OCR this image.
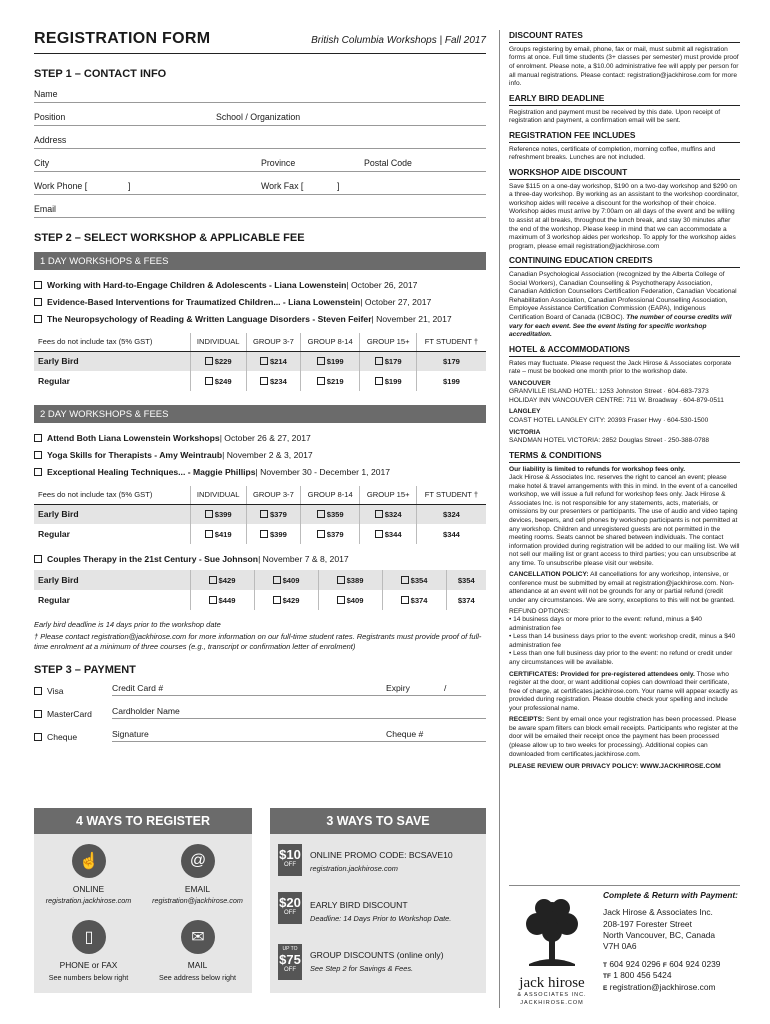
REGISTRATION FORM	British Columbia Workshops | Fall 2017
STEP 1 – CONTACT INFO
Name
Position	School / Organization
Address
City	Province	Postal Code
Work Phone [	]	Work Fax [	]
Email
STEP 2 – SELECT WORKSHOP & APPLICABLE FEE
1 DAY WORKSHOPS & FEES
Working with Hard-to-Engage Children & Adolescents - Liana Lowenstein | October 26, 2017
Evidence-Based Interventions for Traumatized Children... - Liana Lowenstein | October 27, 2017
The Neuropsychology of Reading & Written Language Disorders - Steven Feifer | November 21, 2017
Fees do not include tax (5% GST)	INDIVIDUAL	GROUP 3-7	GROUP 8-14	GROUP 15+	FT STUDENT †
Early Bird	$229	$214	$199	$179	$179
Regular	$249	$234	$219	$199	$199
2 DAY WORKSHOPS & FEES
Attend Both Liana Lowenstein Workshops | October 26 & 27, 2017
Yoga Skills for Therapists - Amy Weintraub | November 2 & 3, 2017
Exceptional Healing Techniques... - Maggie Phillips | November 30 - December 1, 2017
Fees do not include tax (5% GST)	INDIVIDUAL	GROUP 3-7	GROUP 8-14	GROUP 15+	FT STUDENT †
Early Bird	$399	$379	$359	$324	$324
Regular	$419	$399	$379	$344	$344
Couples Therapy in the 21st Century - Sue Johnson | November 7 & 8, 2017
Early Bird	$429	$409	$389	$354	$354
Regular	$449	$429	$409	$374	$374
Early bird deadline is 14 days prior to the workshop date
† Please contact registration@jackhirose.com for more information on our full-time student rates. Registrants must provide proof of full-time enrolment at a minimum of three courses (e.g., transcript or confirmation letter of enrolment)
STEP 3 – PAYMENT
Visa	Credit Card #	Expiry	/
MasterCard Cardholder Name
Cheque	Signature	Cheque #
4 WAYS TO REGISTER
☝	@
ONLINE
registration.jackhirose.com
EMAIL
registration@jackhirose.com
▯	✉
PHONE or FAX
See numbers below right
MAIL
See address below right
3 WAYS TO SAVE
$10
OFF
ONLINE PROMO CODE: BCSAVE10
registration.jackhirose.com
$20
OFF
EARLY BIRD DISCOUNT
Deadline: 14 Days Prior to Workshop Date.
UP TO
$75
OFF
GROUP DISCOUNTS (online only)
See Step 2 for Savings & Fees.
DISCOUNT RATES
Groups registering by email, phone, fax or mail, must submit all registration forms at once. Full time students (3+ classes per semester) must provide proof of enrolment. Please note, a $10.00 administrative fee will apply per person for all manual registrations. Please contact: registration@jackhirose.com for more info.
EARLY BIRD DEADLINE
Registration and payment must be received by this date. Upon receipt of registration and payment, a confirmation email will be sent.
REGISTRATION FEE INCLUDES
Reference notes, certificate of completion, morning coffee, muffins and refreshment breaks. Lunches are not included.
WORKSHOP AIDE DISCOUNT
Save $115 on a one-day workshop, $190 on a two-day workshop and $290 on a three-day workshop. By working as an assistant to the workshop coordinator, workshop aides will receive a discount for the workshop of their choice. Workshop aides must arrive by 7:00am on all days of the event and be willing to assist at all breaks, throughout the lunch break, and stay 30 minutes after the end of the workshop. Please keep in mind that we can accommodate a maximum of 3 workshop aides per workshop. To apply for the workshop aides program, please email registration@jackhirose.com
CONTINUING EDUCATION CREDITS
Canadian Psychological Association (recognized by the Alberta College of Social Workers), Canadian Counselling & Psychotherapy Association, Canadian Addiction Counsellors Certification Federation, Canadian Vocational Rehabilitation Association, Canadian Professional Counselling Association, Employee Assistance Certification Commission (EAPA), Indigenous Certification Board of Canada (ICBOC). The number of course credits will vary for each event. See the event listing for specific workshop accreditation.
HOTEL & ACCOMMODATIONS
Rates may fluctuate. Please request the Jack Hirose & Associates corporate rate – must be booked one month prior to the workshop date.
VANCOUVER
GRANVILLE ISLAND HOTEL: 1253 Johnston Street · 604-683-7373
HOLIDAY INN VANCOUVER CENTRE: 711 W. Broadway · 604-879-0511
LANGLEY
COAST HOTEL LANGLEY CITY: 20393 Fraser Hwy · 604-530-1500
VICTORIA
SANDMAN HOTEL VICTORIA: 2852 Douglas Street · 250-388-0788
TERMS & CONDITIONS
Our liability is limited to refunds for workshop fees only.
Jack Hirose & Associates Inc. reserves the right to cancel an event; please make hotel & travel arrangements with this in mind. In the event of a cancelled workshop, we will issue a full refund for workshop fees only. Jack Hirose & Associates Inc. is not responsible for any statements, acts, materials, or omissions by our presenters or participants. The use of audio and video taping devices, beepers, and cell phones by workshop participants is not permitted at any workshop. Children and unregistered guests are not permitted in the meeting rooms. Seats cannot be shared between individuals. The contact information provided during registration will be added to our mailing list. We will not sell our mailing list or grant access to third parties; you can unsubscribe at any time. To unsubscribe please visit our website.
CANCELLATION POLICY: All cancellations for any workshop, intensive, or conference must be submitted by email at registration@jackhirose.com. Non-attendance at an event will not be grounds for any or partial refund (credit under any circumstances. We are sorry, exceptions to this will not be granted.
REFUND OPTIONS:
• 14 business days or more prior to the event: refund, minus a $40 administration fee
• Less than 14 business days prior to the event: workshop credit, minus a $40 administration fee
• Less than one full business day prior to the event: no refund or credit under any circumstances will be available.
CERTIFICATES: Provided for pre-registered attendees only. Those who register at the door, or want additional copies can download their certificate, free of charge, at certificates.jackhirose.com. Your name will appear exactly as provided during registration. Please double check your spelling and include your professional name.
RECEIPTS: Sent by email once your registration has been processed. Please be aware spam filters can block email receipts. Participants who register at the door will be emailed their receipt once the payment has been processed (please allow up to two weeks for processing). Additional copies can downloaded from certificates.jackhirose.com.
PLEASE REVIEW OUR PRIVACY POLICY: WWW.JACKHIROSE.COM
jack hirose
& ASSOCIATES INC.
JACKHIROSE.COM
Complete & Return with Payment:
Jack Hirose & Associates Inc.
208-197 Forester Street
North Vancouver, BC, Canada
V7H 0A6
T 604 924 0296 F 604 924 0239
TF 1 800 456 5424
E registration@jackhirose.com
